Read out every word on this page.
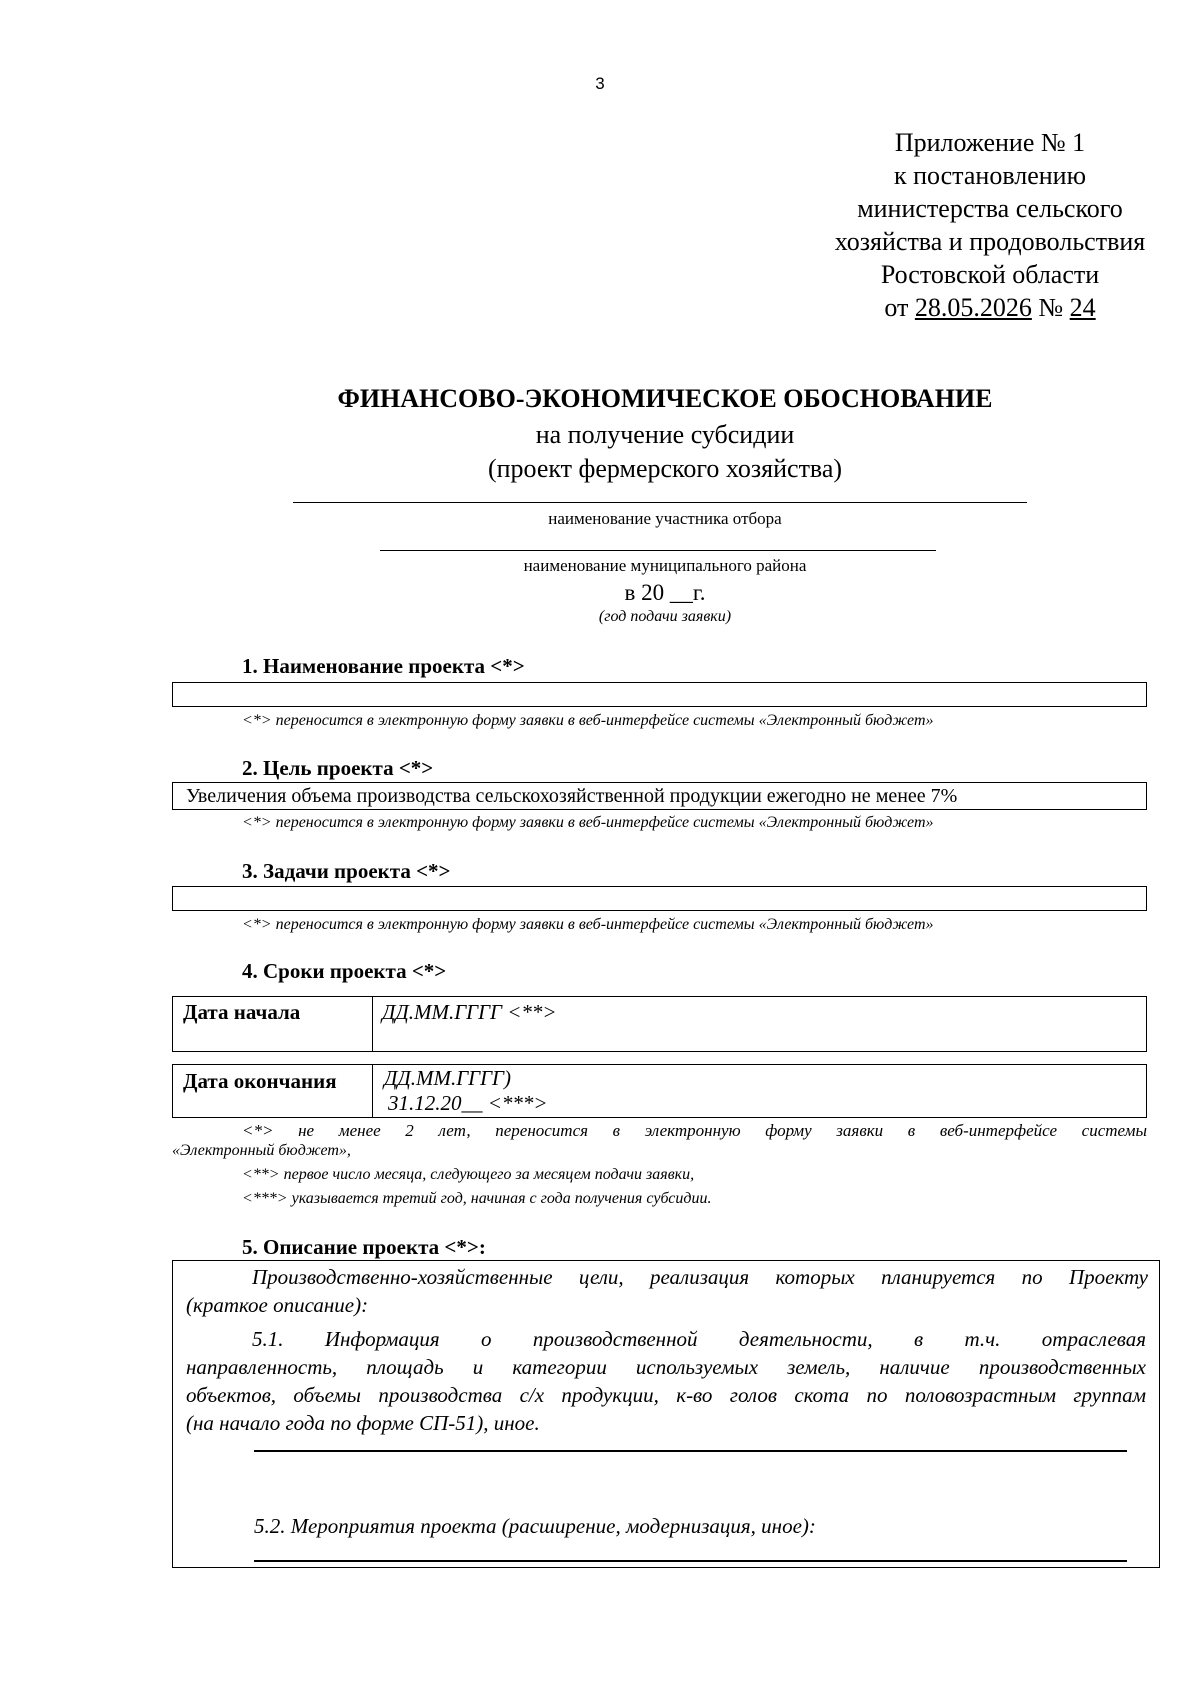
3
Приложение № 1
к постановлению
министерства сельского
хозяйства и продовольствия
Ростовской области
от 28.05.2026 № 24
ФИНАНСОВО-ЭКОНОМИЧЕСКОЕ ОБОСНОВАНИЕ
на получение субсидии
(проект фермерского хозяйства)
наименование участника отбора
наименование муниципального района
в 20 __г.
(год подачи заявки)
1. Наименование проекта <*>
<*> переносится в электронную форму заявки в веб-интерфейсе системы «Электронный бюджет»
2. Цель проекта <*>
Увеличения объема производства сельскохозяйственной продукции ежегодно не менее 7%
<*> переносится в электронную форму заявки в веб-интерфейсе системы «Электронный бюджет»
3. Задачи проекта <*>
<*> переносится в электронную форму заявки в веб-интерфейсе системы «Электронный бюджет»
4. Сроки проекта <*>
Дата начала	ДД.ММ.ГГГГ <**>
Дата окончания ДД.ММ.ГГГГ)
31.12.20__ <***>
<*> не менее 2 лет, переносится в электронную форму заявки в веб-интерфейсе системы
«Электронный бюджет»,
<**> первое число месяца, следующего за месяцем подачи заявки,
<***> указывается третий год, начиная с года получения субсидии.
5. Описание проекта <*>:
Производственно-хозяйственные цели, реализация которых планируется по Проекту
(краткое описание):
5.1. Информация о производственной деятельности, в т.ч. отраслевая
направленность, площадь и категории используемых земель, наличие производственных
объектов, объемы производства с/х продукции, к-во голов скота по половозрастным группам
(на начало года по форме СП-51), иное.
5.2. Мероприятия проекта (расширение, модернизация, иное):
